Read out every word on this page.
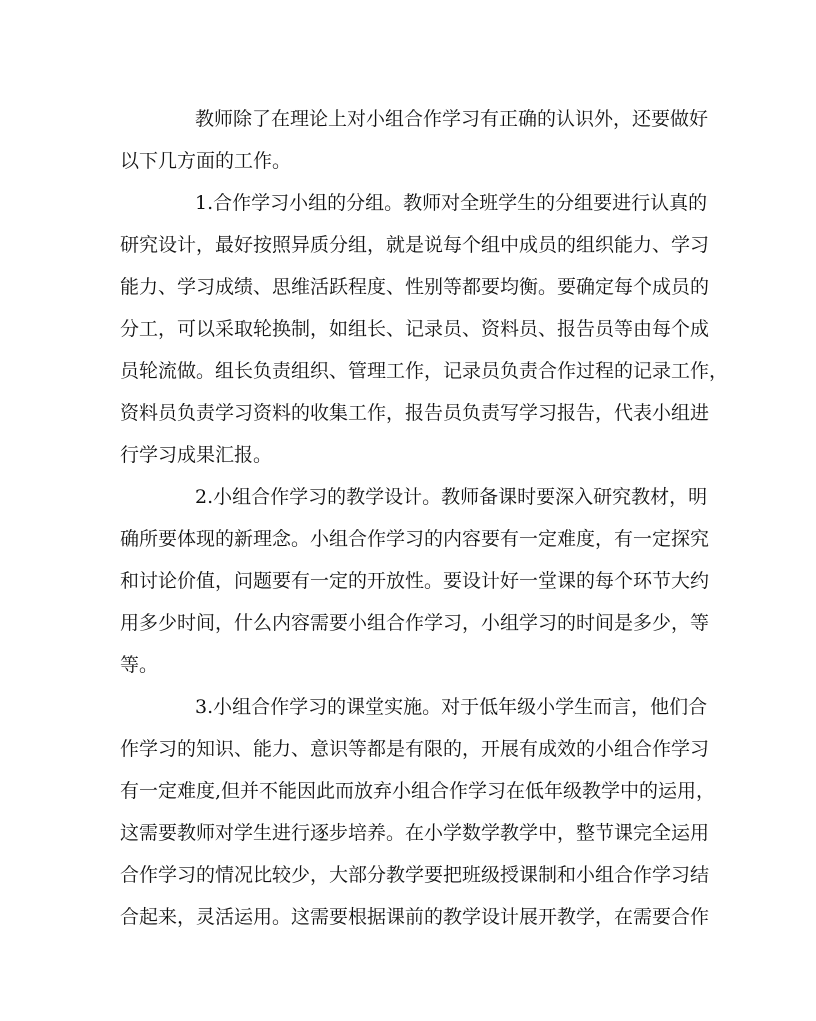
教师除了在理论上对小组合作学习有正确的认识外，还要做好
以下几方面的工作。
1.合作学习小组的分组。教师对全班学生的分组要进行认真的
研究设计，最好按照异质分组，就是说每个组中成员的组织能力、学习
能力、学习成绩、思维活跃程度、性别等都要均衡。要确定每个成员的
分工，可以采取轮换制，如组长、记录员、资料员、报告员等由每个成
员轮流做。组长负责组织、管理工作，记录员负责合作过程的记录工作，
资料员负责学习资料的收集工作，报告员负责写学习报告，代表小组进
行学习成果汇报。
2.小组合作学习的教学设计。教师备课时要深入研究教材，明
确所要体现的新理念。小组合作学习的内容要有一定难度，有一定探究
和讨论价值，问题要有一定的开放性。要设计好一堂课的每个环节大约
用多少时间，什么内容需要小组合作学习，小组学习的时间是多少，等
等。
3.小组合作学习的课堂实施。对于低年级小学生而言，他们合
作学习的知识、能力、意识等都是有限的，开展有成效的小组合作学习
有一定难度,但并不能因此而放弃小组合作学习在低年级教学中的运用，
这需要教师对学生进行逐步培养。在小学数学教学中，整节课完全运用
合作学习的情况比较少，大部分教学要把班级授课制和小组合作学习结
合起来，灵活运用。这需要根据课前的教学设计展开教学，在需要合作
